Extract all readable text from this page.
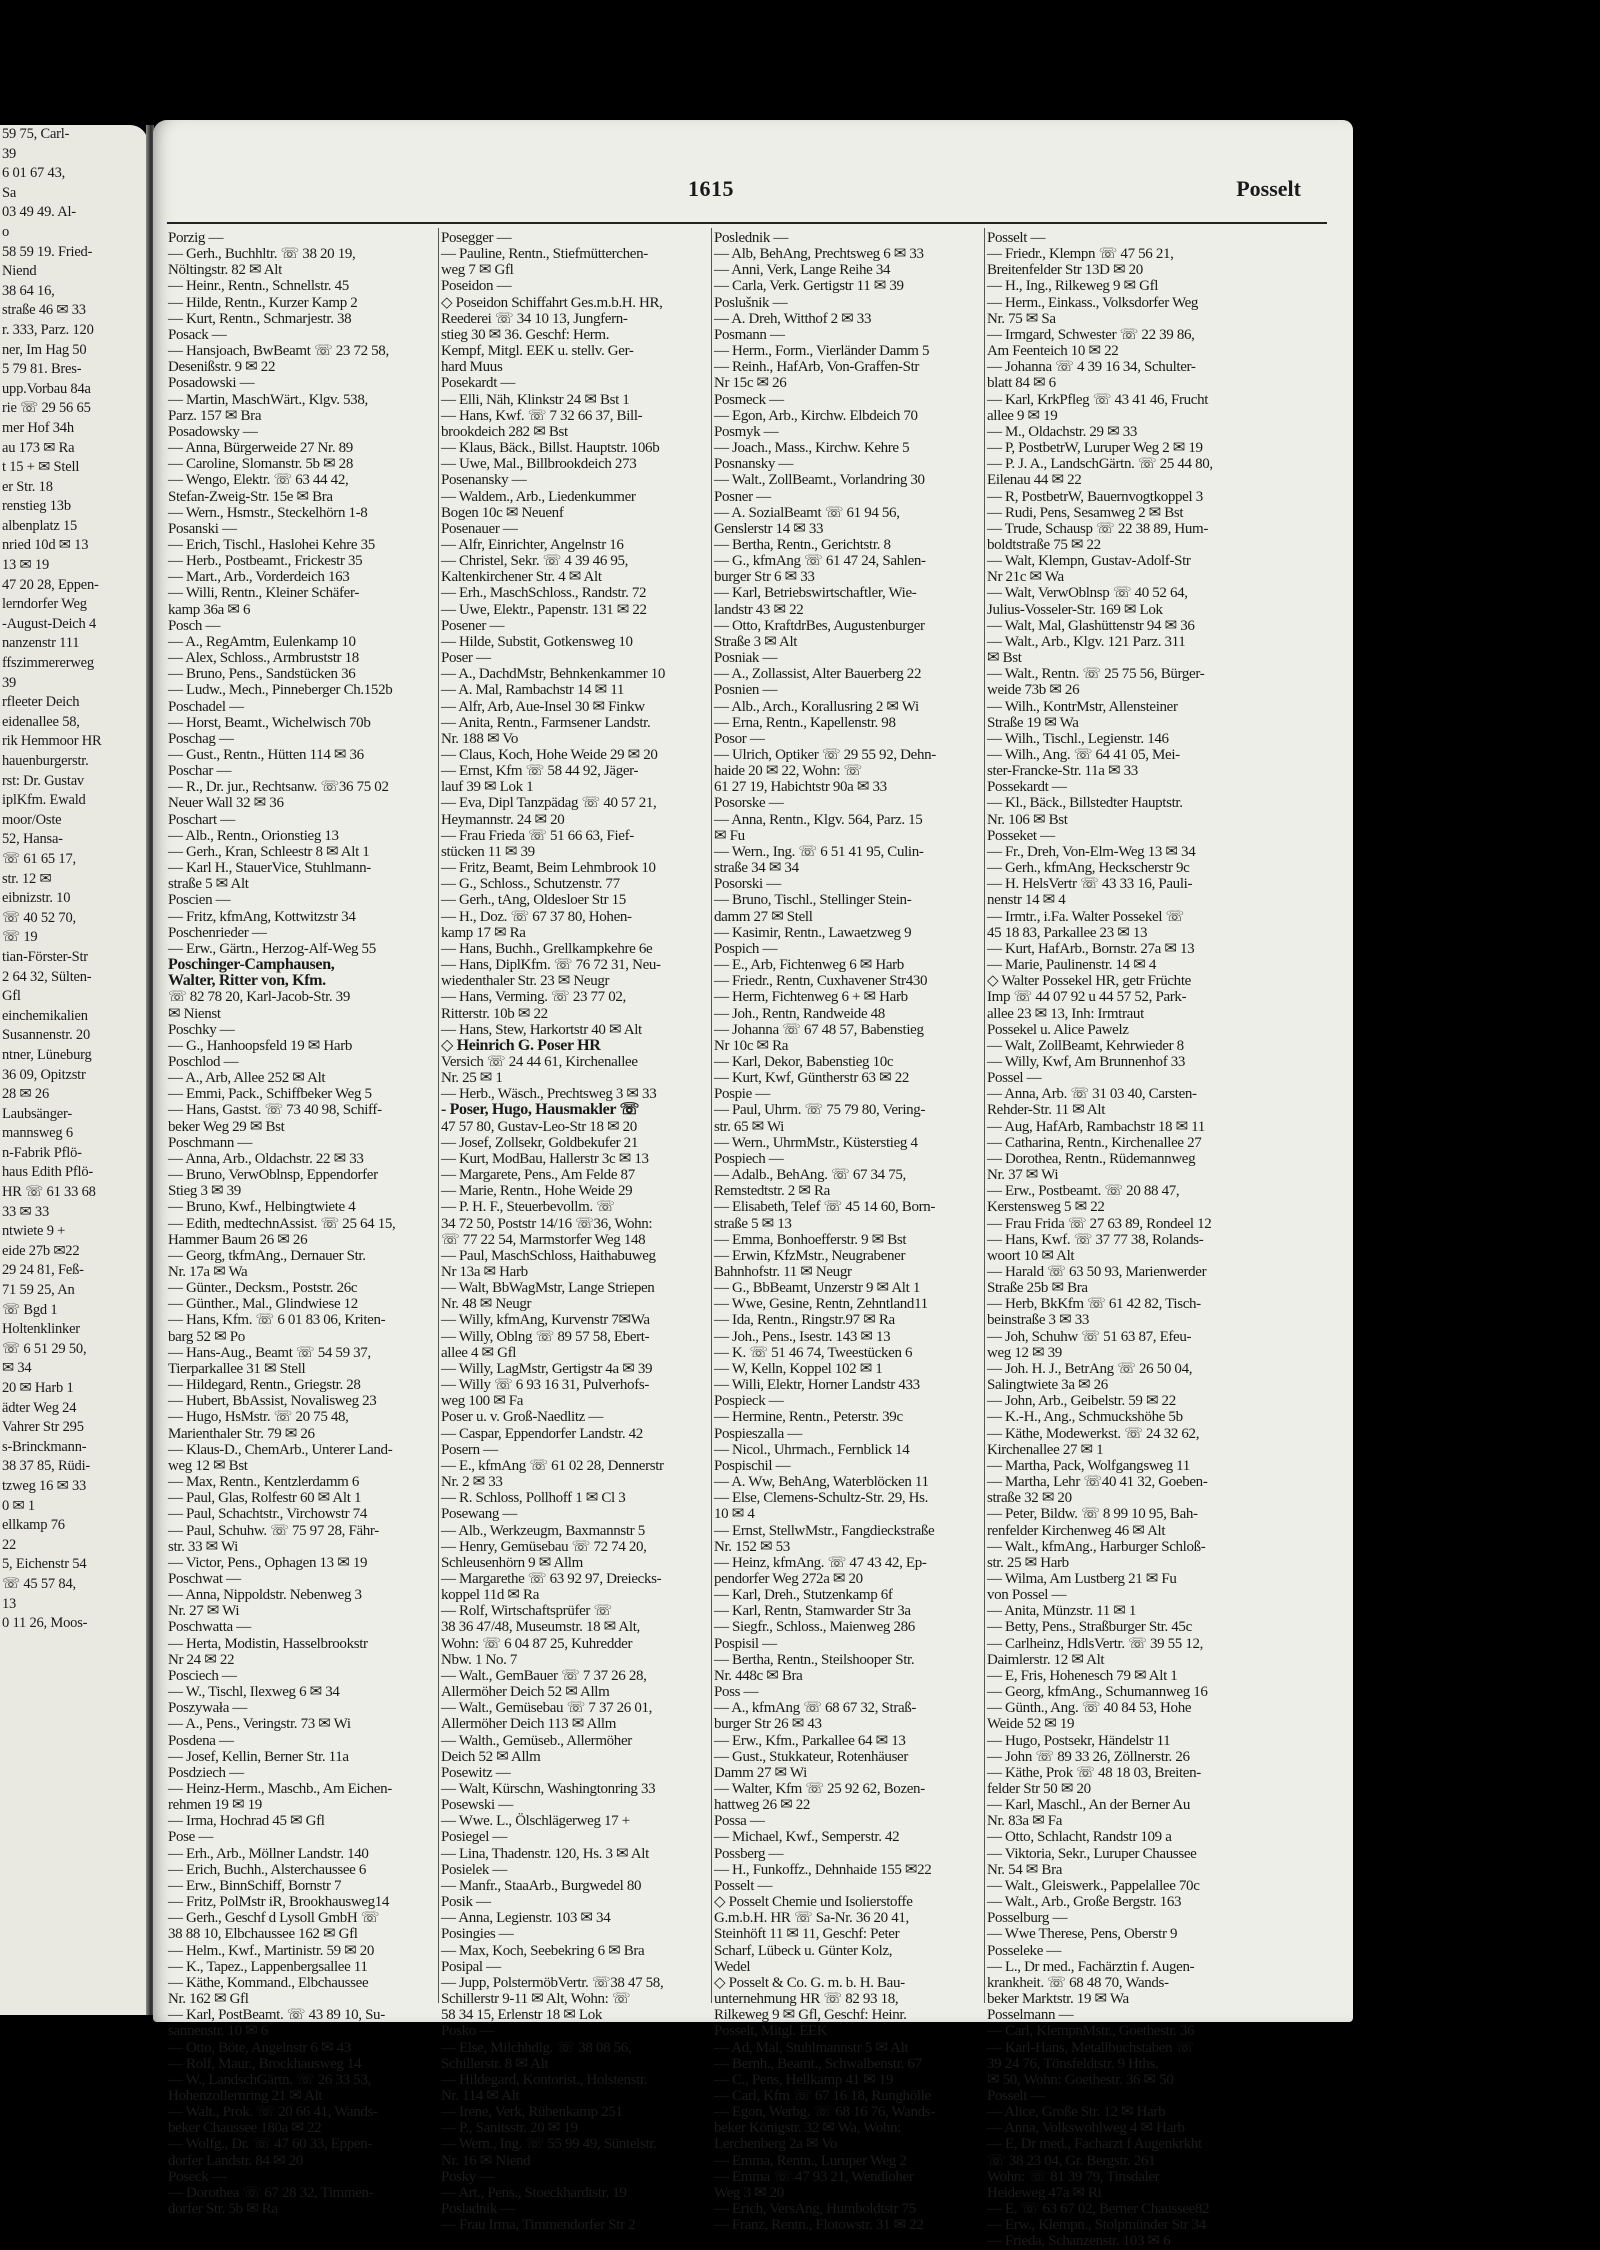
59 75, Carl-
39
6 01 67 43,
Sa
03 49 49. Al-
o
58 59 19. Fried-
Niend
38 64 16,
straße 46 ✉ 33
r. 333, Parz. 120
ner, Im Hag 50
5 79 81. Bres-
upp.Vorbau 84a
rie ☏ 29 56 65
mer Hof 34h
au 173 ✉ Ra
t 15 + ✉ Stell
er Str. 18
renstieg 13b
albenplatz 15
nried 10d ✉ 13
13 ✉ 19
47 20 28, Eppen-
lerndorfer Weg
-August-Deich 4
nanzenstr 111
ffszimmererweg
39
rfleeter Deich
eidenallee 58,
rik Hemmoor HR
hauenburgerstr.
rst: Dr. Gustav
iplKfm. Ewald
moor/Oste
52, Hansa-
☏ 61 65 17,
str. 12 ✉
eibnizstr. 10
☏ 40 52 70,
☏ 19
tian-Förster-Str
2 64 32, Sülten-
Gfl
einchemikalien
Susannenstr. 20
ntner, Lüneburg
36 09, Opitzstr
28 ✉ 26
Laubsänger-
mannsweg 6
n-Fabrik Pflö-
haus Edith Pflö-
HR ☏ 61 33 68
33 ✉ 33
ntwiete 9 +
eide 27b ✉22
29 24 81, Feß-
71 59 25, An
☏ Bgd 1
Holtenklinker
☏ 6 51 29 50,
✉ 34
20 ✉ Harb 1
ädter Weg 24
Vahrer Str 295
s-Brinckmann-
38 37 85, Rüdi-
tzweg 16 ✉ 33
0 ✉ 1
ellkamp 76
22
5, Eichenstr 54
☏ 45 57 84,
13
0 11 26, Moos-
1615	Posselt
Porzig —
— Gerh., Buchhltr. ☏ 38 20 19,
Nöltingstr. 82 ✉ Alt
— Heinr., Rentn., Schnellstr. 45
— Hilde, Rentn., Kurzer Kamp 2
— Kurt, Rentn., Schmarjestr. 38
Posack —
— Hansjoach, BwBeamt ☏ 23 72 58,
Desenißstr. 9 ✉ 22
Posadowski —
— Martin, MaschWärt., Klgv. 538,
Parz. 157 ✉ Bra
Posadowsky —
— Anna, Bürgerweide 27 Nr. 89
— Caroline, Slomanstr. 5b ✉ 28
— Wengo, Elektr. ☏ 63 44 42,
Stefan-Zweig-Str. 15e ✉ Bra
— Wern., Hsmstr., Steckelhörn 1-8
Posanski —
— Erich, Tischl., Haslohei Kehre 35
— Herb., Postbeamt., Frickestr 35
— Mart., Arb., Vorderdeich 163
— Willi, Rentn., Kleiner Schäfer-
kamp 36a ✉ 6
Posch —
— A., RegAmtm, Eulenkamp 10
— Alex, Schloss., Armbruststr 18
— Bruno, Pens., Sandstücken 36
— Ludw., Mech., Pinneberger Ch.152b
Poschadel —
— Horst, Beamt., Wichelwisch 70b
Poschag —
— Gust., Rentn., Hütten 114 ✉ 36
Poschar —
— R., Dr. jur., Rechtsanw. ☏36 75 02
Neuer Wall 32 ✉ 36
Poschart —
— Alb., Rentn., Orionstieg 13
— Gerh., Kran, Schleestr 8 ✉ Alt 1
— Karl H., StauerVice, Stuhlmann-
straße 5 ✉ Alt
Poscien —
— Fritz, kfmAng, Kottwitzstr 34
Poschenrieder —
— Erw., Gärtn., Herzog-Alf-Weg 55
Poschinger-Camphausen,
Walter, Ritter von, Kfm.
☏ 82 78 20, Karl-Jacob-Str. 39
✉ Nienst
Poschky —
— G., Hanhoopsfeld 19 ✉ Harb
Poschlod —
— A., Arb, Allee 252 ✉ Alt
— Emmi, Pack., Schiffbeker Weg 5
— Hans, Gastst. ☏ 73 40 98, Schiff-
beker Weg 29 ✉ Bst
Poschmann —
— Anna, Arb., Oldachstr. 22 ✉ 33
— Bruno, VerwOblnsp, Eppendorfer
Stieg 3 ✉ 39
— Bruno, Kwf., Helbingtwiete 4
— Edith, medtechnAssist. ☏ 25 64 15,
Hammer Baum 26 ✉ 26
— Georg, tkfmAng., Dernauer Str.
Nr. 17a ✉ Wa
— Günter., Decksm., Poststr. 26c
— Günther., Mal., Glindwiese 12
— Hans, Kfm. ☏ 6 01 83 06, Kriten-
barg 52 ✉ Po
— Hans-Aug., Beamt ☏ 54 59 37,
Tierparkallee 31 ✉ Stell
— Hildegard, Rentn., Griegstr. 28
— Hubert, BbAssist, Novalisweg 23
— Hugo, HsMstr. ☏ 20 75 48,
Marienthaler Str. 79 ✉ 26
— Klaus-D., ChemArb., Unterer Land-
weg 12 ✉ Bst
— Max, Rentn., Kentzlerdamm 6
— Paul, Glas, Rolfestr 60 ✉ Alt 1
— Paul, Schachtstr., Virchowstr 74
— Paul, Schuhw. ☏ 75 97 28, Fähr-
str. 33 ✉ Wi
— Victor, Pens., Ophagen 13 ✉ 19
Poschwat —
— Anna, Nippoldstr. Nebenweg 3
Nr. 27 ✉ Wi
Poschwatta —
— Herta, Modistin, Hasselbrookstr
Nr 24 ✉ 22
Posciech —
— W., Tischl, Ilexweg 6 ✉ 34
Poszywała —
— A., Pens., Veringstr. 73 ✉ Wi
Posdena —
— Josef, Kellin, Berner Str. 11a
Posdziech —
— Heinz-Herm., Maschb., Am Eichen-
rehmen 19 ✉ 19
— Irma, Hochrad 45 ✉ Gfl
Pose —
— Erh., Arb., Möllner Landstr. 140
— Erich, Buchh., Alsterchaussee 6
— Erw., BinnSchiff, Bornstr 7
— Fritz, PolMstr iR, Brookhausweg14
— Gerh., Geschf d Lysoll GmbH ☏
38 88 10, Elbchaussee 162 ✉ Gfl
— Helm., Kwf., Martinistr. 59 ✉ 20
— K., Tapez., Lappenbergsallee 11
— Käthe, Kommand., Elbchaussee
Nr. 162 ✉ Gfl
— Karl, PostBeamt. ☏ 43 89 10, Su-
sannenstr. 10 ✉ 6
— Otto, Böte, Angelnstr 6 ✉ 43
— Rolf, Maur., Brockhausweg 14
— W., LandschGärtn. ☏ 26 33 53,
Hohenzollernring 21 ✉ Alt
— Walt., Prok. ☏ 20 66 41, Wands-
beker Chaussee 180a ✉ 22
— Wolfg., Dr. ☏ 47 60 33, Eppen-
dorfer Landstr. 84 ✉ 20
Poseck —
— Dorothea ☏ 67 28 32, Timmen-
dorfer Str. 5b ✉ Ra
Posegger —
— Pauline, Rentn., Stiefmütterchen-
weg 7 ✉ Gfl
Poseidon —
◇ Poseidon Schiffahrt Ges.m.b.H. HR,
Reederei ☏ 34 10 13, Jungfern-
stieg 30 ✉ 36. Geschf: Herm.
Kempf, Mitgl. EEK u. stellv. Ger-
hard Muus
Posekardt —
— Elli, Näh, Klinkstr 24 ✉ Bst 1
— Hans, Kwf. ☏ 7 32 66 37, Bill-
brookdeich 282 ✉ Bst
— Klaus, Bäck., Billst. Hauptstr. 106b
— Uwe, Mal., Billbrookdeich 273
Posenansky —
— Waldem., Arb., Liedenkummer
Bogen 10c ✉ Neuenf
Posenauer —
— Alfr, Einrichter, Angelnstr 16
— Christel, Sekr. ☏ 4 39 46 95,
Kaltenkirchener Str. 4 ✉ Alt
— Erh., MaschSchloss., Randstr. 72
— Uwe, Elektr., Papenstr. 131 ✉ 22
Posener —
— Hilde, Substit, Gotkensweg 10
Poser —
— A., DachdMstr, Behnkenkammer 10
— A. Mal, Rambachstr 14 ✉ 11
— Alfr, Arb, Aue-Insel 30 ✉ Finkw
— Anita, Rentn., Farmsener Landstr.
Nr. 188 ✉ Vo
— Claus, Koch, Hohe Weide 29 ✉ 20
— Ernst, Kfm ☏ 58 44 92, Jäger-
lauf 39 ✉ Lok 1
— Eva, Dipl Tanzpädag ☏ 40 57 21,
Heymannstr. 24 ✉ 20
— Frau Frieda ☏ 51 66 63, Fief-
stücken 11 ✉ 39
— Fritz, Beamt, Beim Lehmbrook 10
— G., Schloss., Schutzenstr. 77
— Gerh., tAng, Oldesloer Str 15
— H., Doz. ☏ 67 37 80, Hohen-
kamp 17 ✉ Ra
— Hans, Buchh., Grellkampkehre 6e
— Hans, DiplKfm. ☏ 76 72 31, Neu-
wiedenthaler Str. 23 ✉ Neugr
— Hans, Verming. ☏ 23 77 02,
Ritterstr. 10b ✉ 22
— Hans, Stew, Harkortstr 40 ✉ Alt
◇ Heinrich G. Poser HR
Versich ☏ 24 44 61, Kirchenallee
Nr. 25 ✉ 1
— Herb., Wäsch., Prechtsweg 3 ✉ 33
- Poser, Hugo, Hausmakler ☏
47 57 80, Gustav-Leo-Str 18 ✉ 20
— Josef, Zollsekr, Goldbekufer 21
— Kurt, ModBau, Hallerstr 3c ✉ 13
— Margarete, Pens., Am Felde 87
— Marie, Rentn., Hohe Weide 29
— P. H. F., Steuerbevollm. ☏
34 72 50, Poststr 14/16 ☏36, Wohn:
☏ 77 22 54, Marmstorfer Weg 148
— Paul, MaschSchloss, Haithabuweg
Nr 13a ✉ Harb
— Walt, BbWagMstr, Lange Striepen
Nr. 48 ✉ Neugr
— Willy, kfmAng, Kurvenstr 7✉Wa
— Willy, Oblng ☏ 89 57 58, Ebert-
allee 4 ✉ Gfl
— Willy, LagMstr, Gertigstr 4a ✉ 39
— Willy ☏ 6 93 16 31, Pulverhofs-
weg 100 ✉ Fa
Poser u. v. Groß-Naedlitz —
— Caspar, Eppendorfer Landstr. 42
Posern —
— E., kfmAng ☏ 61 02 28, Dennerstr
Nr. 2 ✉ 33
— R. Schloss, Pollhoff 1 ✉ Cl 3
Posewang —
— Alb., Werkzeugm, Baxmannstr 5
— Henry, Gemüsebau ☏ 72 74 20,
Schleusenhörn 9 ✉ Allm
— Margarethe ☏ 63 92 97, Dreiecks-
koppel 11d ✉ Ra
— Rolf, Wirtschaftsprüfer ☏
38 36 47/48, Museumstr. 18 ✉ Alt,
Wohn: ☏ 6 04 87 25, Kuhredder
Nbw. 1 No. 7
— Walt., GemBauer ☏ 7 37 26 28,
Allermöher Deich 52 ✉ Allm
— Walt., Gemüsebau ☏ 7 37 26 01,
Allermöher Deich 113 ✉ Allm
— Walth., Gemüseb., Allermöher
Deich 52 ✉ Allm
Posewitz —
— Walt, Kürschn, Washingtonring 33
Posewski —
— Wwe. L., Ölschlägerweg 17 +
Posiegel —
— Lina, Thadenstr. 120, Hs. 3 ✉ Alt
Posielek —
— Manfr., StaaArb., Burgwedel 80
Posik —
— Anna, Legienstr. 103 ✉ 34
Posingies —
— Max, Koch, Seebekring 6 ✉ Bra
Posipal —
— Jupp, PolstermöbVertr. ☏38 47 58,
Schillerstr 9-11 ✉ Alt, Wohn: ☏
58 34 15, Erlenstr 18 ✉ Lok
Posko —
— Else, Milchhdlg. ☏ 38 08 56,
Schillerstr. 8 ✉ Alt
— Hildegard, Kontorist., Holstenstr.
Nr. 114 ✉ Alt
— Irene, Verk, Rübenkamp 251
— P., Sanitsstr. 20 ✉ 19
— Wern., Ing. ☏ 55 99 49, Süntelstr.
Nr. 16 ✉ Niend
Posky —
— Art., Pens., Stoeckhardtstr. 19
Posladnik —
— Frau Irma, Timmendorfer Str 2
Poslednik —
— Alb, BehAng, Prechtsweg 6 ✉ 33
— Anni, Verk, Lange Reihe 34
— Carla, Verk. Gertigstr 11 ✉ 39
Poslušnik —
— A. Dreh, Witthof 2 ✉ 33
Posmann —
— Herm., Form., Vierländer Damm 5
— Reinh., HafArb, Von-Graffen-Str
Nr 15c ✉ 26
Posmeck —
— Egon, Arb., Kirchw. Elbdeich 70
Posmyk —
— Joach., Mass., Kirchw. Kehre 5
Posnansky —
— Walt., ZollBeamt., Vorlandring 30
Posner —
— A. SozialBeamt ☏ 61 94 56,
Genslerstr 14 ✉ 33
— Bertha, Rentn., Gerichtstr. 8
— G., kfmAng ☏ 61 47 24, Sahlen-
burger Str 6 ✉ 33
— Karl, Betriebswirtschaftler, Wie-
landstr 43 ✉ 22
— Otto, KraftdrBes, Augustenburger
Straße 3 ✉ Alt
Posniak —
— A., Zollassist, Alter Bauerberg 22
Posnien —
— Alb., Arch., Korallusring 2 ✉ Wi
— Erna, Rentn., Kapellenstr. 98
Posor —
— Ulrich, Optiker ☏ 29 55 92, Dehn-
haide 20 ✉ 22, Wohn: ☏
61 27 19, Habichtstr 90a ✉ 33
Posorske —
— Anna, Rentn., Klgv. 564, Parz. 15
✉ Fu
— Wern., Ing. ☏ 6 51 41 95, Culin-
straße 34 ✉ 34
Posorski —
— Bruno, Tischl., Stellinger Stein-
damm 27 ✉ Stell
— Kasimir, Rentn., Lawaetzweg 9
Pospich —
— E., Arb, Fichtenweg 6 ✉ Harb
— Friedr., Rentn, Cuxhavener Str430
— Herm, Fichtenweg 6 + ✉ Harb
— Joh., Rentn, Randweide 48
— Johanna ☏ 67 48 57, Babenstieg
Nr 10c ✉ Ra
— Karl, Dekor, Babenstieg 10c
— Kurt, Kwf, Güntherstr 63 ✉ 22
Pospie —
— Paul, Uhrm. ☏ 75 79 80, Vering-
str. 65 ✉ Wi
— Wern., UhrmMstr., Küsterstieg 4
Pospiech —
— Adalb., BehAng. ☏ 67 34 75,
Remstedtstr. 2 ✉ Ra
— Elisabeth, Telef ☏ 45 14 60, Born-
straße 5 ✉ 13
— Emma, Bonhoefferstr. 9 ✉ Bst
— Erwin, KfzMstr., Neugrabener
Bahnhofstr. 11 ✉ Neugr
— G., BbBeamt, Unzerstr 9 ✉ Alt 1
— Wwe, Gesine, Rentn, Zehntland11
— Ida, Rentn., Ringstr.97 ✉ Ra
— Joh., Pens., Isestr. 143 ✉ 13
— K. ☏ 51 46 74, Tweestücken 6
— W, Kelln, Koppel 102 ✉ 1
— Willi, Elektr, Horner Landstr 433
Pospieck —
— Hermine, Rentn., Peterstr. 39c
Pospieszalla —
— Nicol., Uhrmach., Fernblick 14
Pospischil —
— A. Ww, BehAng, Waterblöcken 11
— Else, Clemens-Schultz-Str. 29, Hs.
10 ✉ 4
— Ernst, StellwMstr., Fangdieckstraße
Nr. 152 ✉ 53
— Heinz, kfmAng. ☏ 47 43 42, Ep-
pendorfer Weg 272a ✉ 20
— Karl, Dreh., Stutzenkamp 6f
— Karl, Rentn, Stamwarder Str 3a
— Siegfr., Schloss., Maienweg 286
Pospisil —
— Bertha, Rentn., Steilshooper Str.
Nr. 448c ✉ Bra
Poss —
— A., kfmAng ☏ 68 67 32, Straß-
burger Str 26 ✉ 43
— Erw., Kfm., Parkallee 64 ✉ 13
— Gust., Stukkateur, Rotenhäuser
Damm 27 ✉ Wi
— Walter, Kfm ☏ 25 92 62, Bozen-
hattweg 26 ✉ 22
Possa —
— Michael, Kwf., Semperstr. 42
Possberg —
— H., Funkoffz., Dehnhaide 155 ✉22
Posselt —
◇ Posselt Chemie und Isolierstoffe
G.m.b.H. HR ☏ Sa-Nr. 36 20 41,
Steinhöft 11 ✉ 11, Geschf: Peter
Scharf, Lübeck u. Günter Kolz,
Wedel
◇ Posselt & Co. G. m. b. H. Bau-
unternehmung HR ☏ 82 93 18,
Rilkeweg 9 ✉ Gfl, Geschf: Heinr.
Posselt, Mitgl. EEK
— Ad, Mal, Stuhlmannstr 5 ✉ Alt
— Bernh., Beamt., Schwalbenstr. 67
— C., Pens, Hellkamp 41 ✉ 19
— Carl, Kfm ☏ 67 16 18, Runghölle
— Egon, Werbg. ☏ 68 16 76, Wands-
beker Königstr. 32 ✉ Wa, Wohn:
Lerchenberg 2a ✉ Vo
— Emma, Rentn., Luruper Weg 2
— Emma ☏ 47 93 21, Wendloher
Weg 3 ✉ 20
— Erich, VersAng, Humboldtstr 75
— Franz, Rentn., Flotowstr. 31 ✉ 22
Posselt —
— Friedr., Klempn ☏ 47 56 21,
Breitenfelder Str 13D ✉ 20
— H., Ing., Rilkeweg 9 ✉ Gfl
— Herm., Einkass., Volksdorfer Weg
Nr. 75 ✉ Sa
— Irmgard, Schwester ☏ 22 39 86,
Am Feenteich 10 ✉ 22
— Johanna ☏ 4 39 16 34, Schulter-
blatt 84 ✉ 6
— Karl, KrkPfleg ☏ 43 41 46, Frucht
allee 9 ✉ 19
— M., Oldachstr. 29 ✉ 33
— P, PostbetrW, Luruper Weg 2 ✉ 19
— P. J. A., LandschGärtn. ☏ 25 44 80,
Eilenau 44 ✉ 22
— R, PostbetrW, Bauernvogtkoppel 3
— Rudi, Pens, Sesamweg 2 ✉ Bst
— Trude, Schausp ☏ 22 38 89, Hum-
boldtstraße 75 ✉ 22
— Walt, Klempn, Gustav-Adolf-Str
Nr 21c ✉ Wa
— Walt, VerwOblnsp ☏ 40 52 64,
Julius-Vosseler-Str. 169 ✉ Lok
— Walt, Mal, Glashüttenstr 94 ✉ 36
— Walt., Arb., Klgv. 121 Parz. 311
✉ Bst
— Walt., Rentn. ☏ 25 75 56, Bürger-
weide 73b ✉ 26
— Wilh., KontrMstr, Allensteiner
Straße 19 ✉ Wa
— Wilh., Tischl., Legienstr. 146
— Wilh., Ang. ☏ 64 41 05, Mei-
ster-Francke-Str. 11a ✉ 33
Possekardt —
— Kl., Bäck., Billstedter Hauptstr.
Nr. 106 ✉ Bst
Posseket —
— Fr., Dreh, Von-Elm-Weg 13 ✉ 34
— Gerh., kfmAng, Heckscherstr 9c
— H. HelsVertr ☏ 43 33 16, Pauli-
nenstr 14 ✉ 4
— Irmtr., i.Fa. Walter Possekel ☏
45 18 83, Parkallee 23 ✉ 13
— Kurt, HafArb., Bornstr. 27a ✉ 13
— Marie, Paulinenstr. 14 ✉ 4
◇ Walter Possekel HR, getr Früchte
Imp ☏ 44 07 92 u 44 57 52, Park-
allee 23 ✉ 13, Inh: Irmtraut
Possekel u. Alice Pawelz
— Walt, ZollBeamt, Kehrwieder 8
— Willy, Kwf, Am Brunnenhof 33
Possel —
— Anna, Arb. ☏ 31 03 40, Carsten-
Rehder-Str. 11 ✉ Alt
— Aug, HafArb, Rambachstr 18 ✉ 11
— Catharina, Rentn., Kirchenallee 27
— Dorothea, Rentn., Rüdemannweg
Nr. 37 ✉ Wi
— Erw., Postbeamt. ☏ 20 88 47,
Kerstensweg 5 ✉ 22
— Frau Frida ☏ 27 63 89, Rondeel 12
— Hans, Kwf. ☏ 37 77 38, Rolands-
woort 10 ✉ Alt
— Harald ☏ 63 50 93, Marienwerder
Straße 25b ✉ Bra
— Herb, BkKfm ☏ 61 42 82, Tisch-
beinstraße 3 ✉ 33
— Joh, Schuhw ☏ 51 63 87, Efeu-
weg 12 ✉ 39
— Joh. H. J., BetrAng ☏ 26 50 04,
Salingtwiete 3a ✉ 26
— John, Arb., Geibelstr. 59 ✉ 22
— K.-H., Ang., Schmuckshöhe 5b
— Käthe, Modewerkst. ☏ 24 32 62,
Kirchenallee 27 ✉ 1
— Martha, Pack, Wolfgangsweg 11
— Martha, Lehr ☏40 41 32, Goeben-
straße 32 ✉ 20
— Peter, Bildw. ☏ 8 99 10 95, Bah-
renfelder Kirchenweg 46 ✉ Alt
— Walt., kfmAng., Harburger Schloß-
str. 25 ✉ Harb
— Wilma, Am Lustberg 21 ✉ Fu
von Possel —
— Anita, Münzstr. 11 ✉ 1
— Betty, Pens., Straßburger Str. 45c
— Carlheinz, HdlsVertr. ☏ 39 55 12,
Daimlerstr. 12 ✉ Alt
— E, Fris, Hohenesch 79 ✉ Alt 1
— Georg, kfmAng., Schumannweg 16
— Günth., Ang. ☏ 40 84 53, Hohe
Weide 52 ✉ 19
— Hugo, Postsekr, Händelstr 11
— John ☏ 89 33 26, Zöllnerstr. 26
— Käthe, Prok ☏ 48 18 03, Breiten-
felder Str 50 ✉ 20
— Karl, Maschl., An der Berner Au
Nr. 83a ✉ Fa
— Otto, Schlacht, Randstr 109 a
— Viktoria, Sekr., Luruper Chaussee
Nr. 54 ✉ Bra
— Walt., Gleiswerk., Pappelallee 70c
— Walt., Arb., Große Bergstr. 163
Posselburg —
— Wwe Therese, Pens, Oberstr 9
Posseleke —
— L., Dr med., Fachärztin f. Augen-
krankheit. ☏ 68 48 70, Wands-
beker Marktstr. 19 ✉ Wa
Posselmann —
— Carl, KlempnMstr., Goethestr. 36
— Karl-Hans, Metallbuchstaben ☏
39 24 76, Tönsfeldtstr. 9 Hths.
✉ 50, Wohn: Goethestr. 36 ✉ 50
Posselt —
— Alice, Große Str. 12 ✉ Harb
— Anna, Volkswohlweg 4 ✉ Harb
— E, Dr med., Facharzt f Augenkrkht
☏ 38 23 04, Gr. Bergstr. 261
Wohn: ☏ 81 39 79, Tinsdaler
Heideweg 47a ✉ Ri
— E. ☏ 63 67 02, Berner Chaussee82
— Erw., Klempn., Stolpmünder Str 34
— Frieda, Schanzenstr. 103 ✉ 6
